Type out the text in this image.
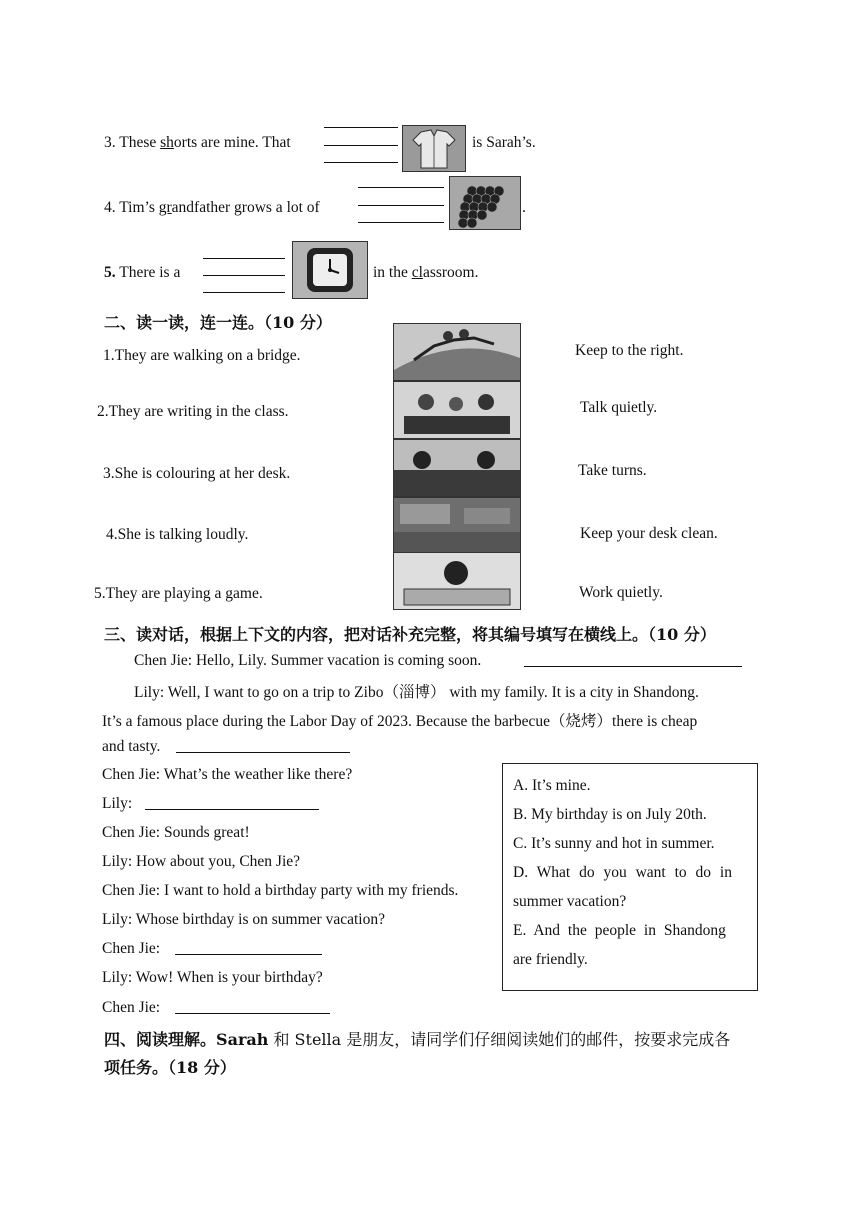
3. These shorts are mine. That	is Sarah’s.
4. Tim’s grandfather grows a lot of	.
5. There is a	in the classroom.
二、读一读，连一连。（10 分）
1.They are walking on a bridge.
2.They are writing in the class.
3.She is colouring at her desk.
4.She is talking loudly.
5.They are playing a game.
Keep to the right.
Talk quietly.
Take turns.
Keep your desk clean.
Work quietly.
三、读对话，根据上下文的内容，把对话补充完整，将其编号填写在横线上。（10 分）
Chen Jie: Hello, Lily. Summer vacation is coming soon.
Lily: Well, I want to go on a trip to Zibo（淄博） with my family. It is a city in Shandong.
It’s a famous place during the Labor Day of 2023. Because the barbecue（烧烤）there is cheap
and tasty.
Chen Jie: What’s the weather like there?
Lily:
Chen Jie: Sounds great!
Lily: How about you, Chen Jie?
Chen Jie: I want to hold a birthday party with my friends.
Lily: Whose birthday is on summer vacation?
Chen Jie:
Lily: Wow! When is your birthday?
Chen Jie:
A. It’s mine.
B. My birthday is on July 20th.
C. It’s sunny and hot in summer.
D. What do you want to do in
summer vacation?
E. And the people in Shandong
are friendly.
四、阅读理解。Sarah 和 Stella 是朋友，请同学们仔细阅读她们的邮件，按要求完成各
项任务。（18 分）
